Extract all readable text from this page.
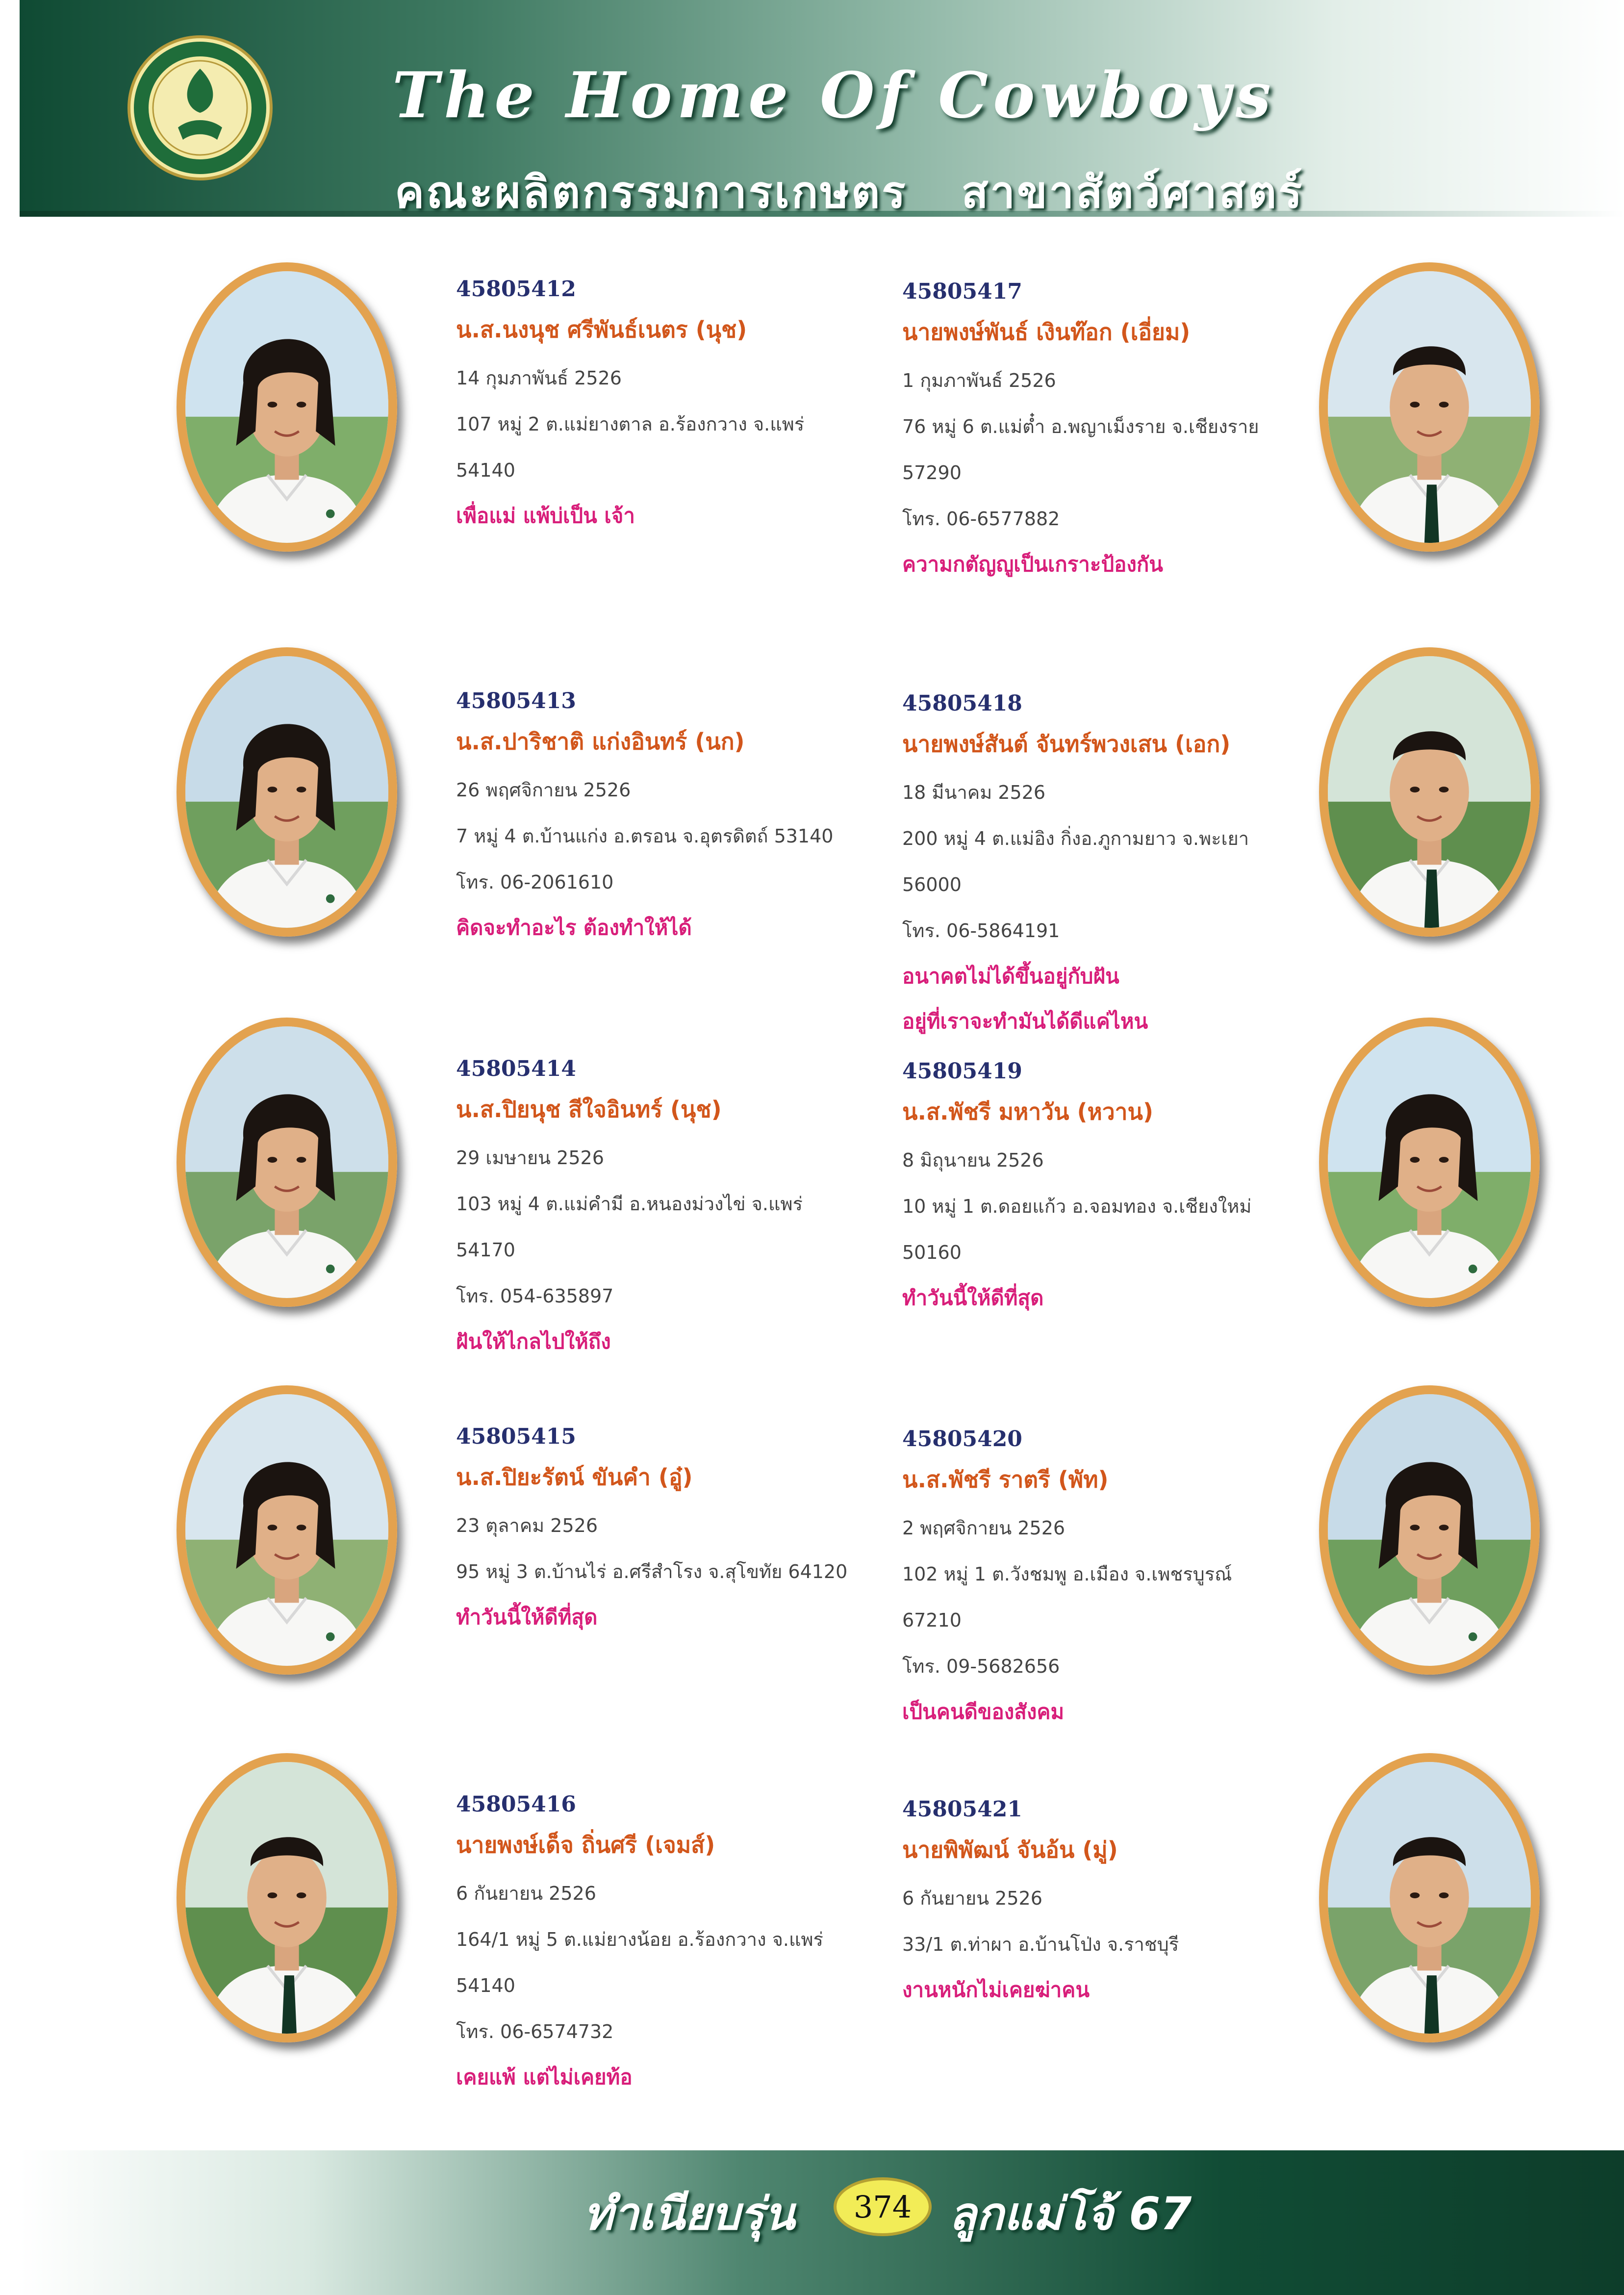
The Home Of Cowboys
คณะผลิตกรรมการเกษตร สาขาสัตว์ศาสตร์
45805412
น.ส.นงนุช ศรีพันธ์เนตร (นุช)
14 กุมภาพันธ์ 2526
107 หมู่ 2 ต.แม่ยางตาล อ.ร้องกวาง จ.แพร่
54140
เพื่อแม่ แพ้บ่เป็น เจ้า
45805417
นายพงษ์พันธ์ เงินท๊อก (เอี่ยม)
1 กุมภาพันธ์ 2526
76 หมู่ 6 ต.แม่ต๋ำ อ.พญาเม็งราย จ.เชียงราย
57290
โทร. 06-6577882
ความกตัญญูเป็นเกราะป้องกัน
45805413
น.ส.ปาริชาติ แก่งอินทร์ (นก)
26 พฤศจิกายน 2526
7 หมู่ 4 ต.บ้านแก่ง อ.ตรอน จ.อุตรดิตถ์ 53140
โทร. 06-2061610
คิดจะทำอะไร ต้องทำให้ได้
45805418
นายพงษ์สันต์ จันทร์พวงเสน (เอก)
18 มีนาคม 2526
200 หมู่ 4 ต.แม่อิง กิ่งอ.ภูกามยาว จ.พะเยา
56000
โทร. 06-5864191
อนาคตไม่ได้ขึ้นอยู่กับฝัน
อยู่ที่เราจะทำมันได้ดีแค่ไหน
45805414
น.ส.ปิยนุช สีใจอินทร์ (นุช)
29 เมษายน 2526
103 หมู่ 4 ต.แม่คำมี อ.หนองม่วงไข่ จ.แพร่
54170
โทร. 054-635897
ฝันให้ไกลไปให้ถึง
45805419
น.ส.พัชรี มหาวัน (หวาน)
8 มิถุนายน 2526
10 หมู่ 1 ต.ดอยแก้ว อ.จอมทอง จ.เชียงใหม่
50160
ทำวันนี้ให้ดีที่สุด
45805415
น.ส.ปิยะรัตน์ ขันคำ (อู๋)
23 ตุลาคม 2526
95 หมู่ 3 ต.บ้านไร่ อ.ศรีสำโรง จ.สุโขทัย 64120
ทำวันนี้ให้ดีที่สุด
45805420
น.ส.พัชรี ราตรี (พัท)
2 พฤศจิกายน 2526
102 หมู่ 1 ต.วังชมพู อ.เมือง จ.เพชรบูรณ์
67210
โทร. 09-5682656
เป็นคนดีของสังคม
45805416
นายพงษ์เด็จ ถิ่นศรี (เจมส์)
6 กันยายน 2526
164/1 หมู่ 5 ต.แม่ยางน้อย อ.ร้องกวาง จ.แพร่
54140
โทร. 06-6574732
เคยแพ้ แต่ไม่เคยท้อ
45805421
นายพิพัฒน์ จันอ้น (มู่)
6 กันยายน 2526
33/1 ต.ท่าผา อ.บ้านโป่ง จ.ราชบุรี
งานหนักไม่เคยฆ่าคน
ทำเนียบรุ่น	374 ลูกแม่โจ้ 67
